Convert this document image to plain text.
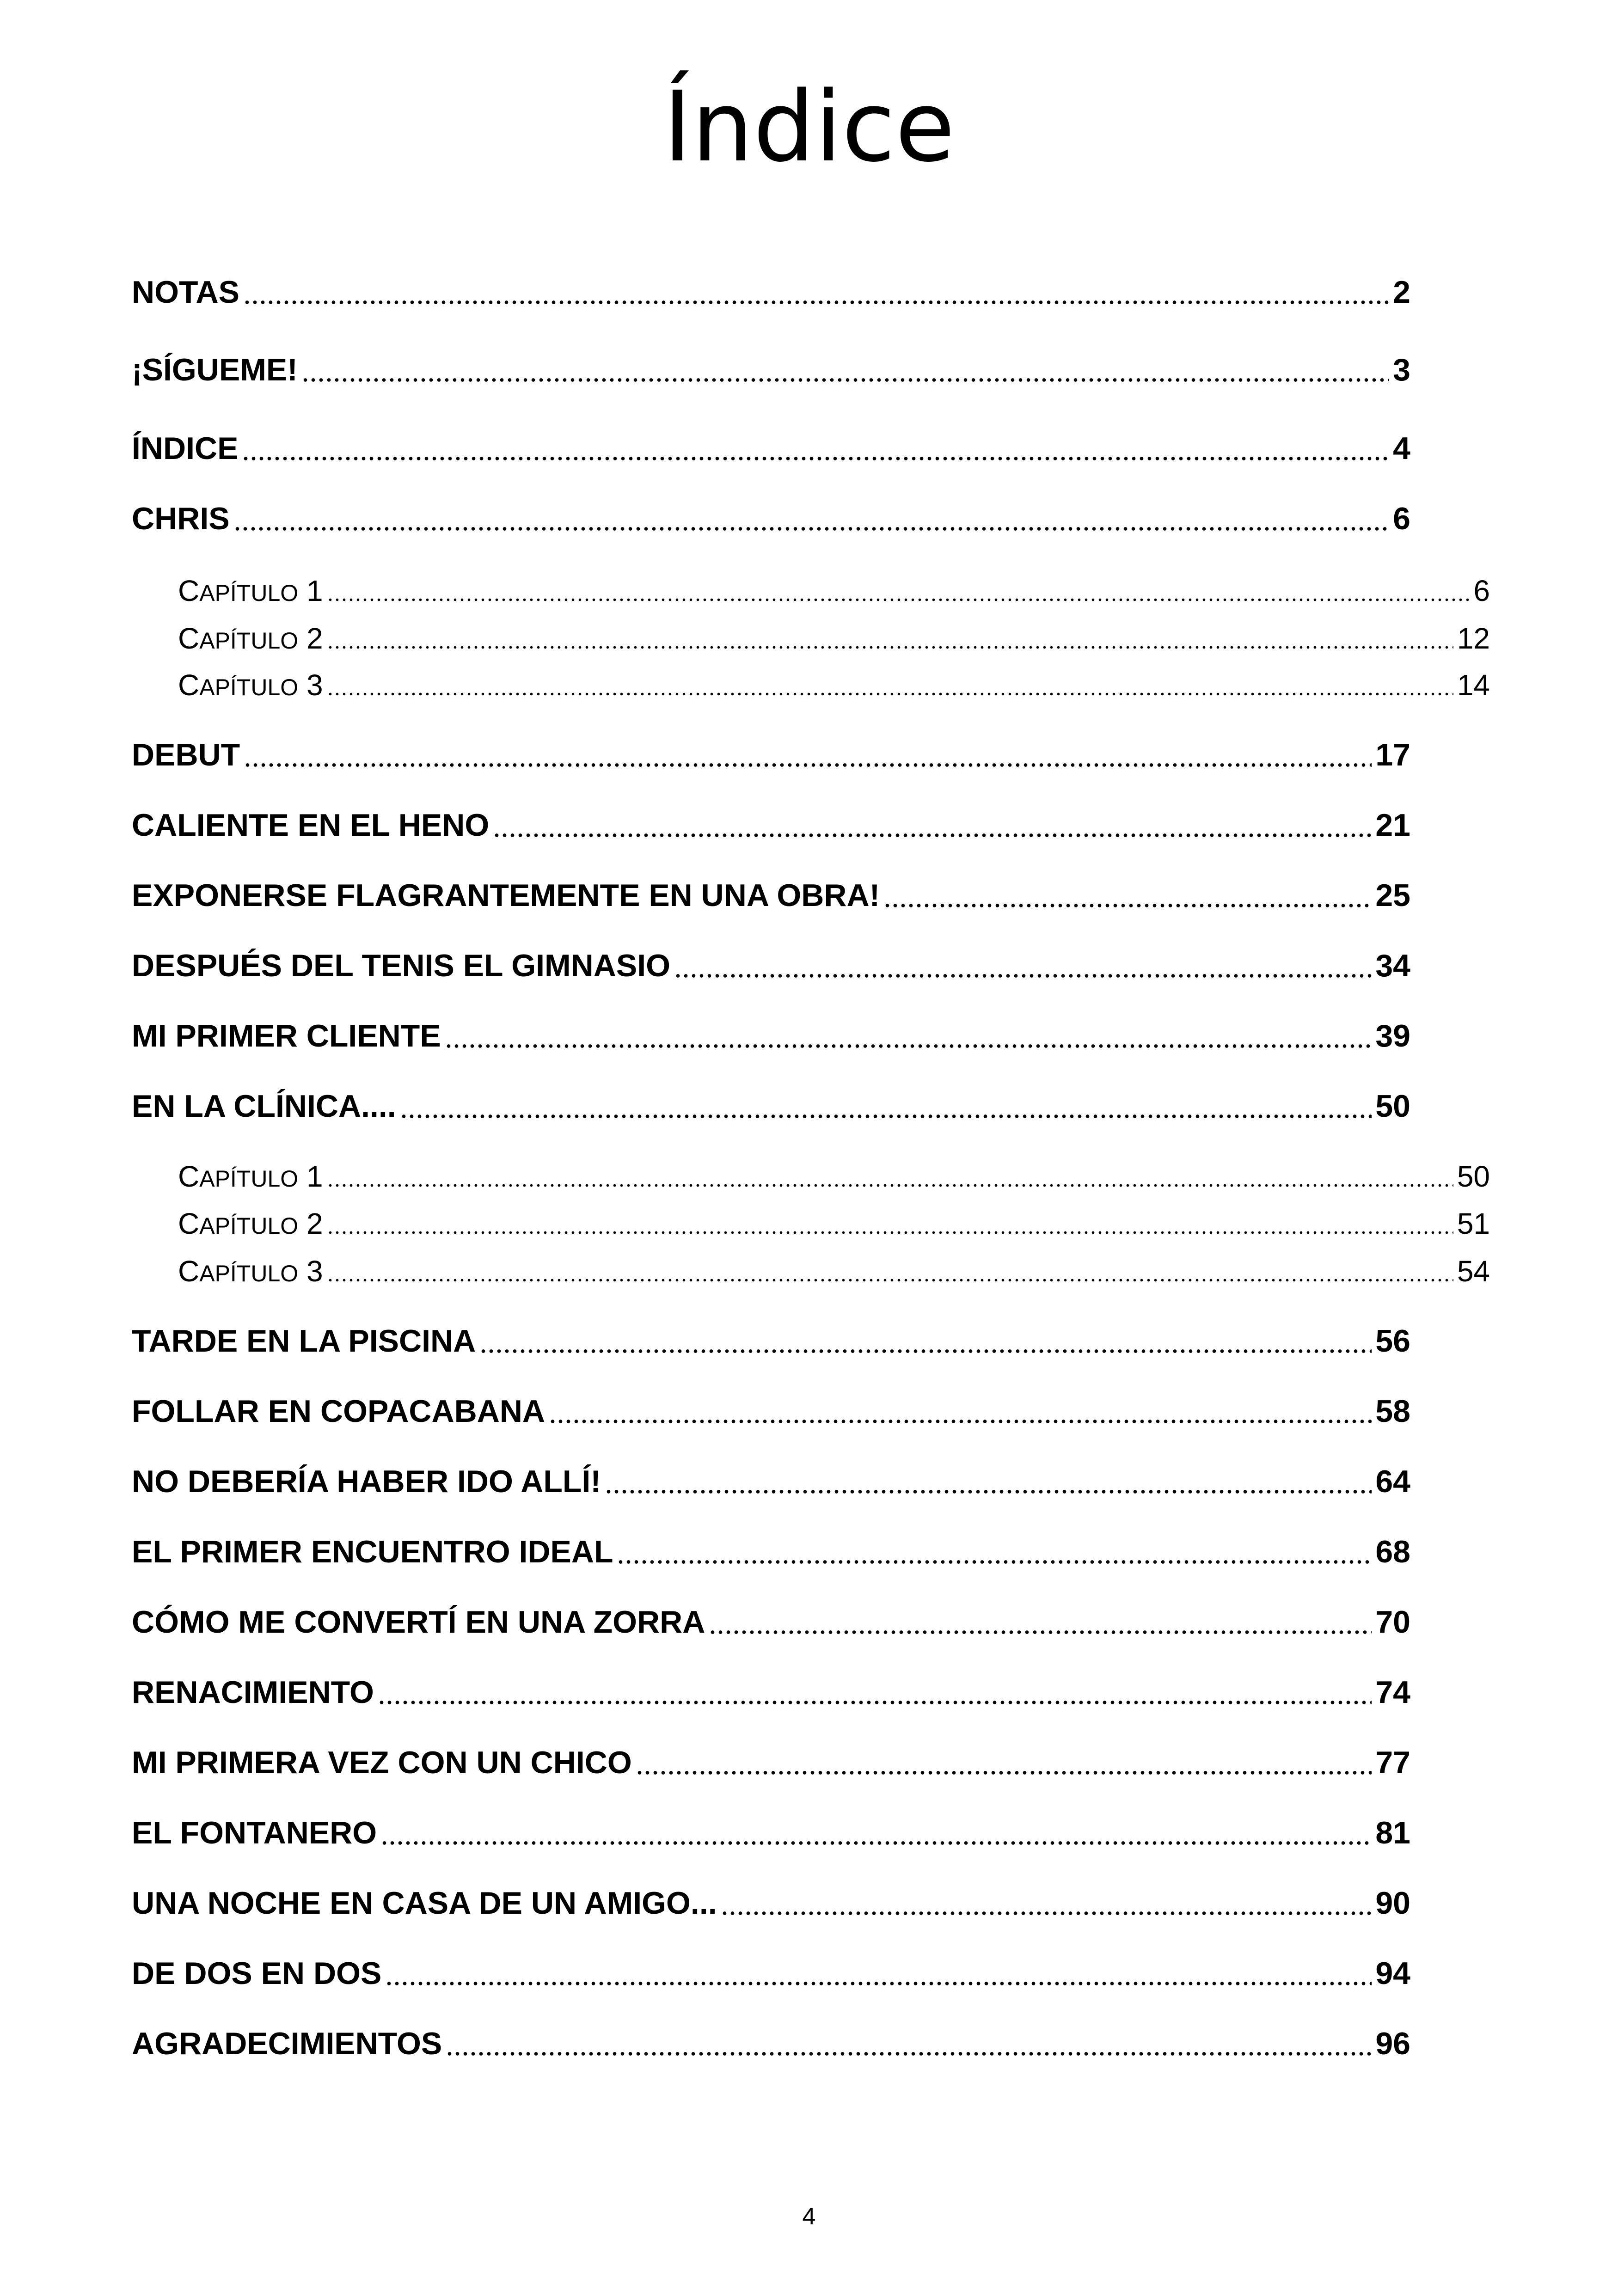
Índice
NOTAS	2
¡SÍGUEME!	3
ÍNDICE	4
CHRIS	6
CAPÍTULO 1	6
CAPÍTULO 2	12
CAPÍTULO 3	14
DEBUT	17
CALIENTE EN EL HENO	21
EXPONERSE FLAGRANTEMENTE EN UNA OBRA!	25
DESPUÉS DEL TENIS EL GIMNASIO	34
MI PRIMER CLIENTE	39
EN LA CLÍNICA....	50
CAPÍTULO 1	50
CAPÍTULO 2	51
CAPÍTULO 3	54
TARDE EN LA PISCINA	56
FOLLAR EN COPACABANA	58
NO DEBERÍA HABER IDO ALLÍ!	64
EL PRIMER ENCUENTRO IDEAL	68
CÓMO ME CONVERTÍ EN UNA ZORRA	70
RENACIMIENTO	74
MI PRIMERA VEZ CON UN CHICO	77
EL FONTANERO	81
UNA NOCHE EN CASA DE UN AMIGO...	90
DE DOS EN DOS	94
AGRADECIMIENTOS	96
4
